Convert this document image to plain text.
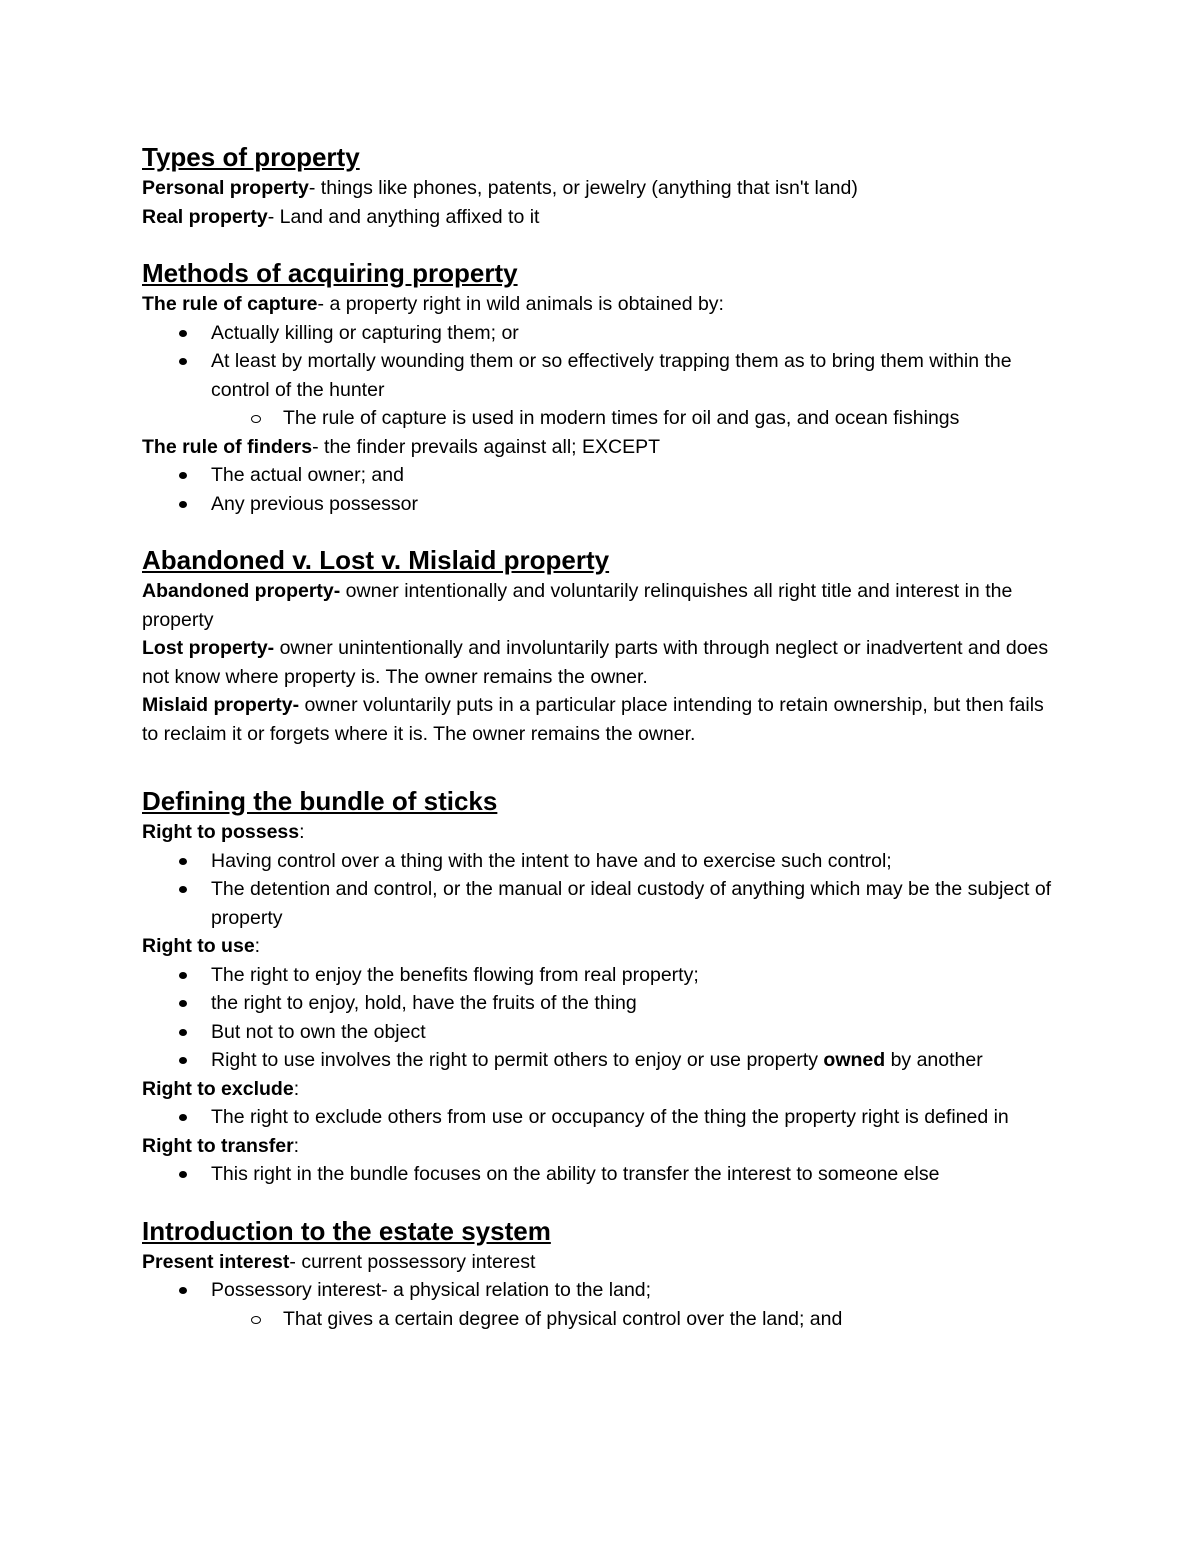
Types of property
Personal property- things like phones, patents, or jewelry (anything that isn't land)
Real property- Land and anything affixed to it
Methods of acquiring property
The rule of capture- a property right in wild animals is obtained by:
Actually killing or capturing them; or
At least by mortally wounding them or so effectively trapping them as to bring them within the control of the hunter
The rule of capture is used in modern times for oil and gas, and ocean fishings
The rule of finders- the finder prevails against all; EXCEPT
The actual owner; and
Any previous possessor
Abandoned v. Lost v. Mislaid property
Abandoned property- owner intentionally and voluntarily relinquishes all right title and interest in the property
Lost property- owner unintentionally and involuntarily parts with through neglect or inadvertent and does not know where property is. The owner remains the owner.
Mislaid property- owner voluntarily puts in a particular place intending to retain ownership, but then fails to reclaim it or forgets where it is. The owner remains the owner.
Defining the bundle of sticks
Right to possess:
Having control over a thing with the intent to have and to exercise such control;
The detention and control, or the manual or ideal custody of anything which may be the subject of property
Right to use:
The right to enjoy the benefits flowing from real property;
the right to enjoy, hold, have the fruits of the thing
But not to own the object
Right to use involves the right to permit others to enjoy or use property owned by another
Right to exclude:
The right to exclude others from use or occupancy of the thing the property right is defined in
Right to transfer:
This right in the bundle focuses on the ability to transfer the interest to someone else
Introduction to the estate system
Present interest- current possessory interest
Possessory interest- a physical relation to the land;
That gives a certain degree of physical control over the land; and
